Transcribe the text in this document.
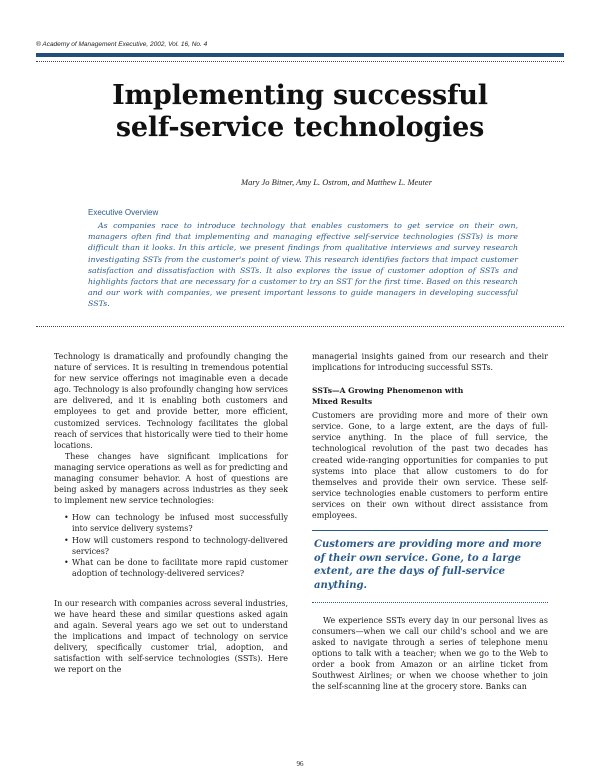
® Academy of Management Executive, 2002, Vol. 16, No. 4
Implementing successful
self-service technologies
Mary Jo Bitner, Amy L. Ostrom, and Matthew L. Meuter
Executive Overview

As companies race to introduce technology that enables customers to get service on their own, managers often find that implementing and managing effective self-service technologies (SSTs) is more difficult than it looks. In this article, we present findings from qualitative interviews and survey research investigating SSTs from the customer's point of view. This research identifies factors that impact customer satisfaction and dissatisfaction with SSTs. It also explores the issue of customer adoption of SSTs and highlights factors that are necessary for a customer to try an SST for the first time. Based on this research and our work with companies, we present important lessons to guide managers in developing successful SSTs.

Technology is dramatically and profoundly changing the nature of services. It is resulting in tremendous potential for new service offerings not imaginable even a decade ago. Technology is also profoundly changing how services are delivered, and it is enabling both customers and employees to get and provide better, more efficient, customized services. Technology facilitates the global reach of services that historically were tied to their home locations.

These changes have significant implications for managing service operations as well as for predicting and managing consumer behavior. A host of questions are being asked by managers across industries as they seek to implement new service technologies:

• How can technology be infused most successfully into service delivery systems?
• How will customers respond to technology-delivered services?
• What can be done to facilitate more rapid customer adoption of technology-delivered services?

In our research with companies across several industries, we have heard these and similar questions asked again and again. Several years ago we set out to understand the implications and impact of technology on service delivery, specifically customer trial, adoption, and satisfaction with self-service technologies (SSTs). Here we report on the

managerial insights gained from our research and their implications for introducing successful SSTs.

SSTs—A Growing Phenomenon with
Mixed Results

Customers are providing more and more of their own service. Gone, to a large extent, are the days of full-service anything. In the place of full service, the technological revolution of the past two decades has created wide-ranging opportunities for companies to put systems into place that allow customers to do for themselves and provide their own service. These self-service technologies enable customers to perform entire services on their own without direct assistance from employees.

Customers are providing more and more of their own service. Gone, to a large extent, are the days of full-service anything.

We experience SSTs every day in our personal lives as consumers—when we call our child's school and we are asked to navigate through a series of telephone menu options to talk with a teacher; when we go to the Web to order a book from Amazon or an airline ticket from Southwest Airlines; or when we choose whether to join the self-scanning line at the grocery store. Banks can

96
